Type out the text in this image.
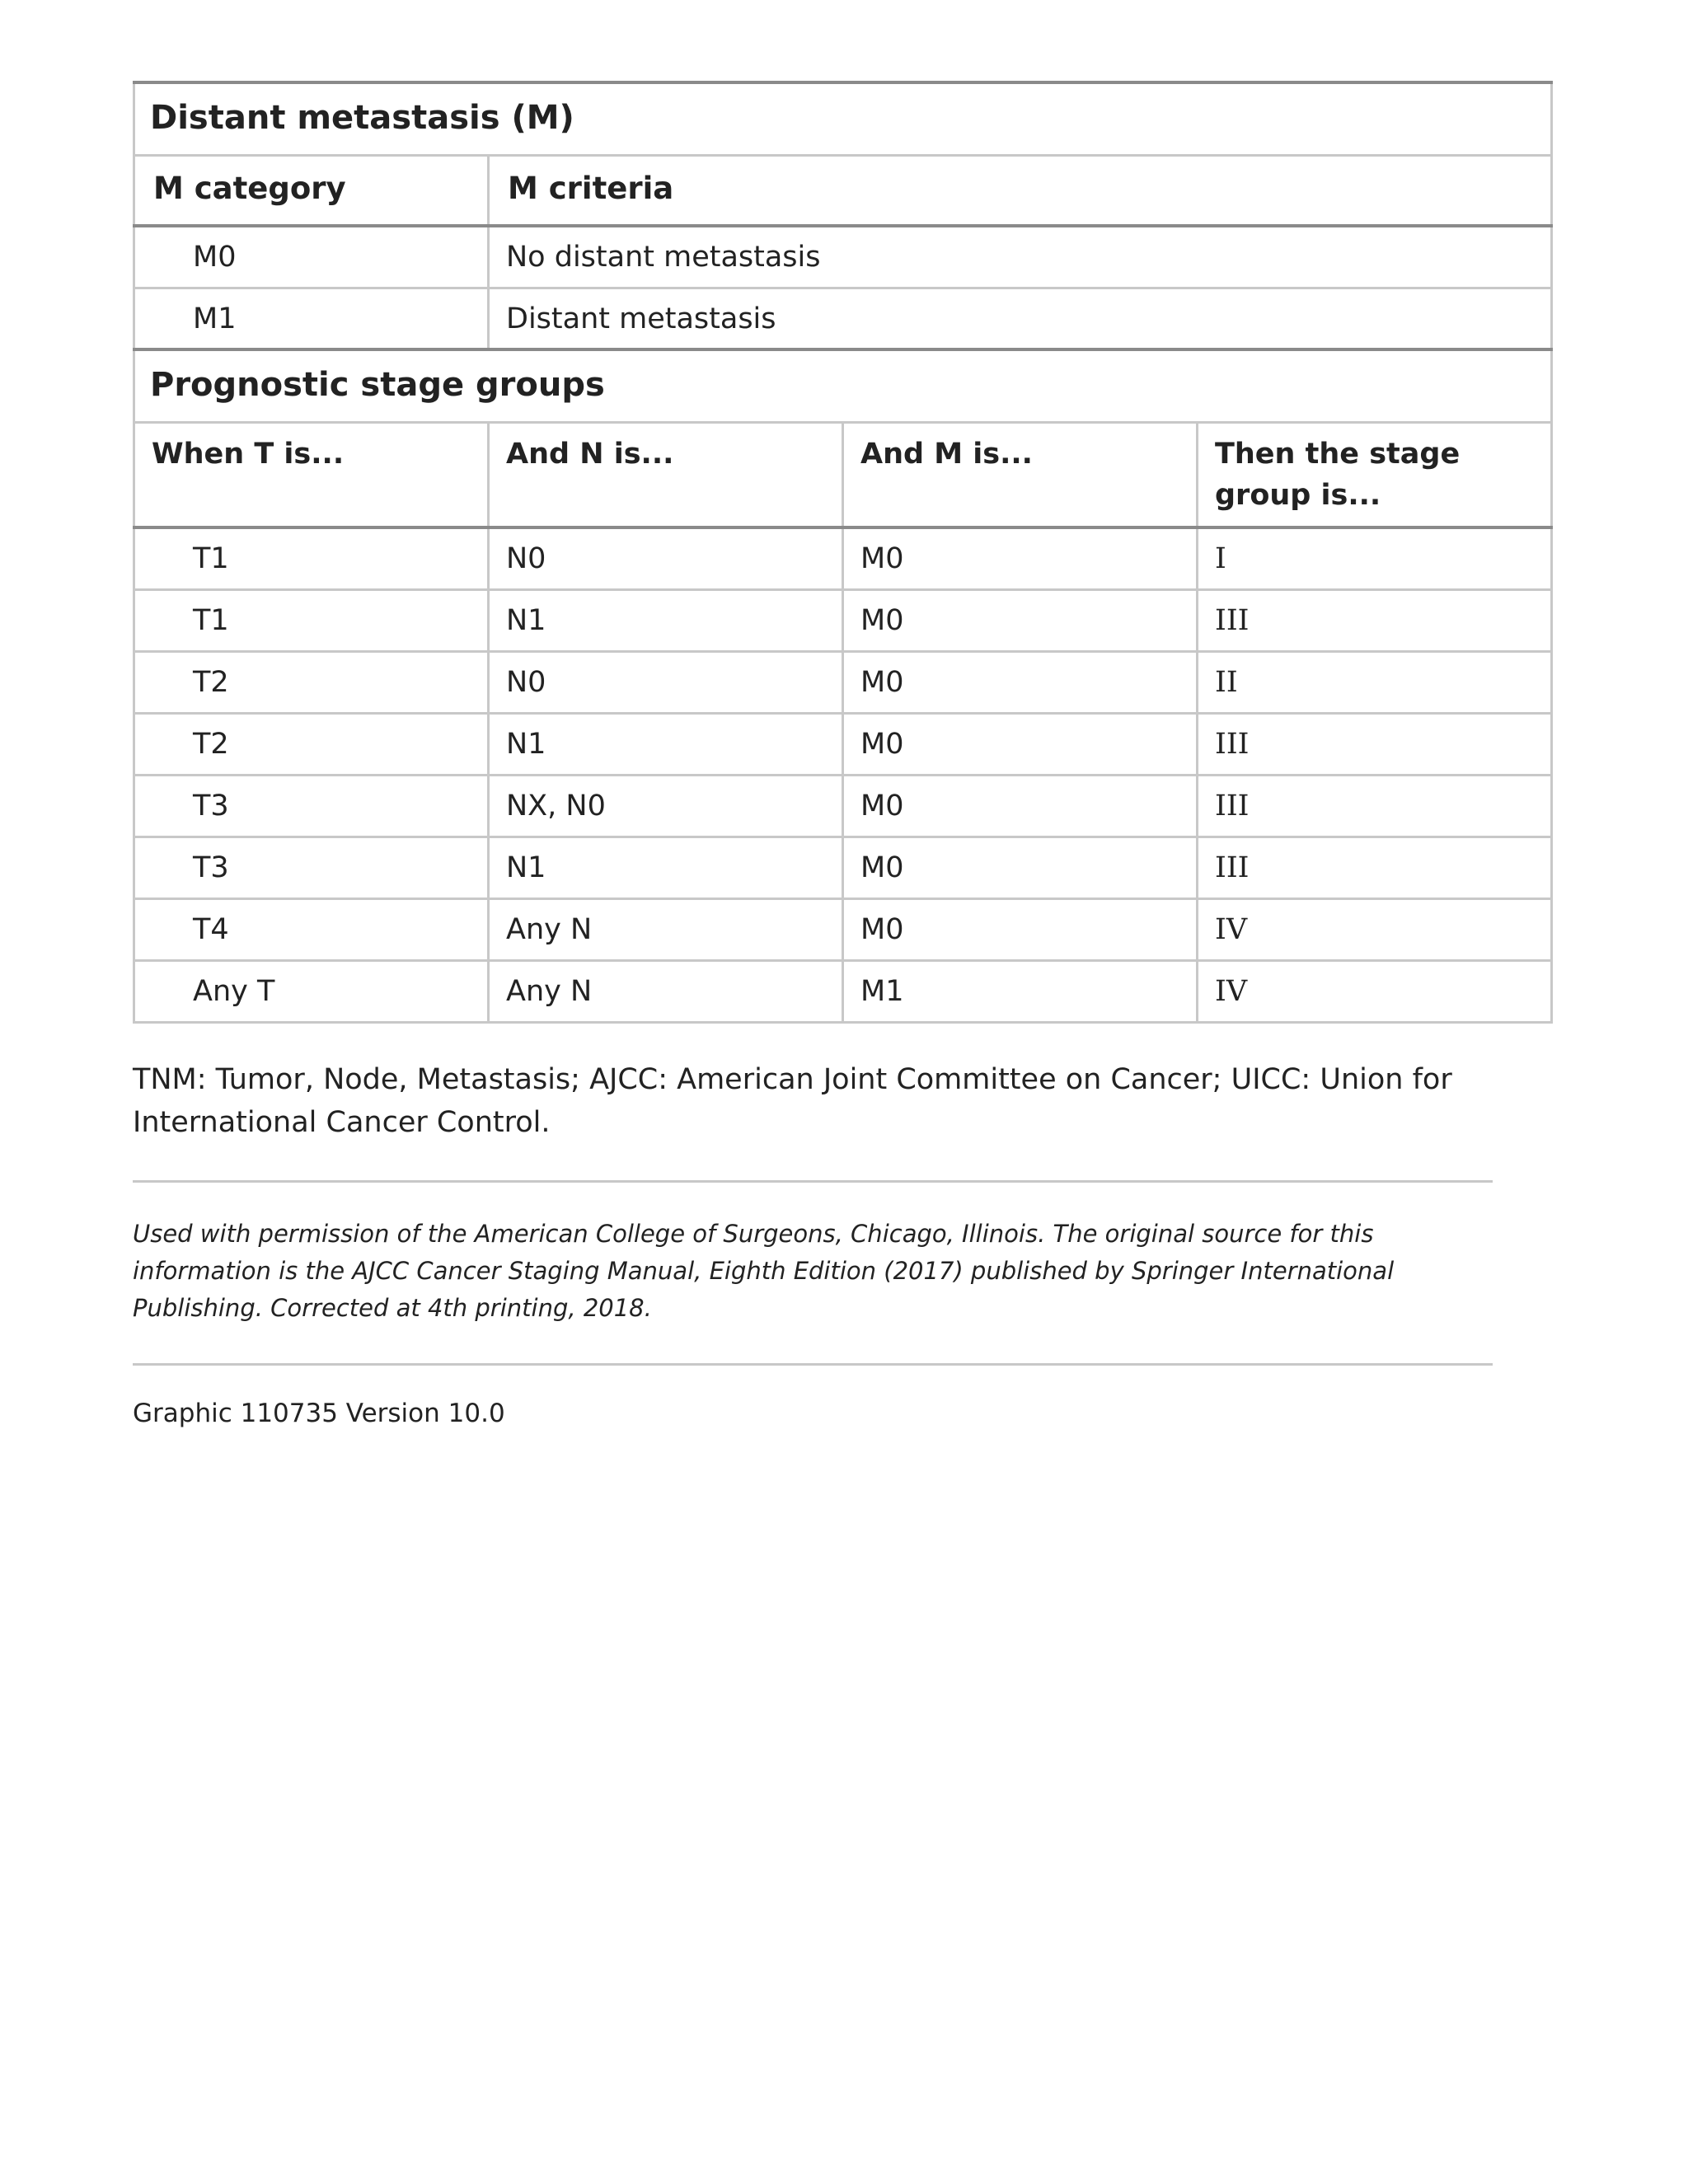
Distant metastasis (M)			
M category	M criteria		
M0	No distant metastasis		
M1	Distant metastasis		
Prognostic stage groups			
When T is...	And N is...	And M is...	Then the stage group is...
T1	N0	M0	I
T1	N1	M0	III
T2	N0	M0	II
T2	N1	M0	III
T3	NX, N0	M0	III
T3	N1	M0	III
T4	Any N	M0	IV
Any T	Any N	M1	IV
TNM: Tumor, Node, Metastasis; AJCC: American Joint Committee on Cancer; UICC: Union for International Cancer Control.
Used with permission of the American College of Surgeons, Chicago, Illinois. The original source for this information is the AJCC Cancer Staging Manual, Eighth Edition (2017) published by Springer International Publishing. Corrected at 4th printing, 2018.
Graphic 110735 Version 10.0
